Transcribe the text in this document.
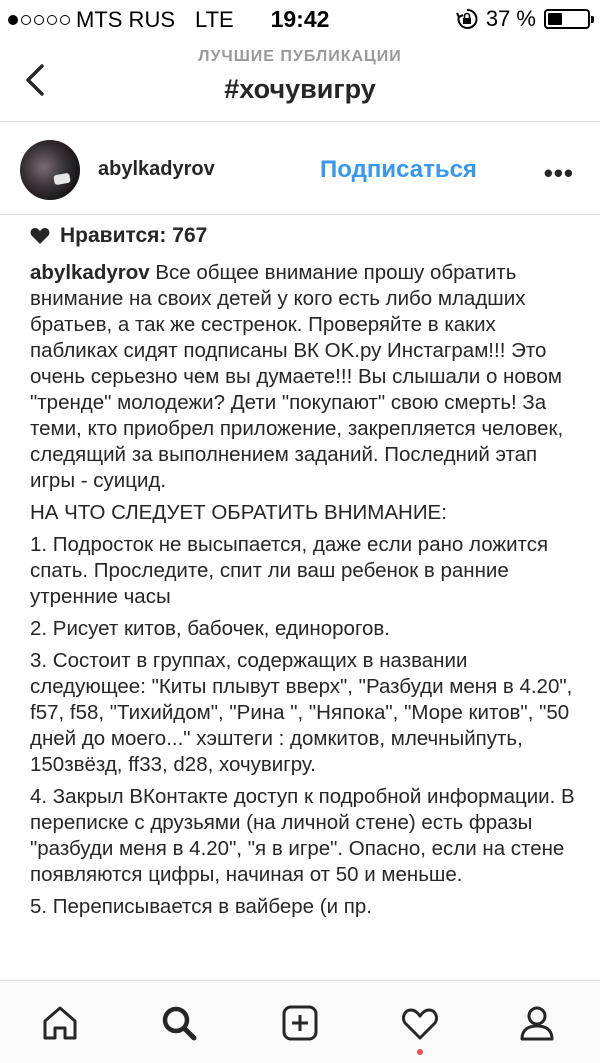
MTS RUS LTE	19:42	37 %
ЛУЧШИЕ ПУБЛИКАЦИИ
#хочувигру
abylkadyrov	Подписаться	•••
Нравится: 767
abylkadyrov Все общее внимание прошу обратить внимание на своих детей у кого есть либо младших братьев, а так же сестренок. Проверяйте в каких пабликах сидят подписаны ВК OK.ру Инстаграм!!! Это очень серьезно чем вы думаете!!! Вы слышали о новом "тренде" молодежи? Дети "покупают" свою смерть! За теми, кто приобрел приложение, закрепляется человек, следящий за выполнением заданий. Последний этап игры - суицид.
НА ЧТО СЛЕДУЕТ ОБРАТИТЬ ВНИМАНИЕ:
1. Подросток не высыпается, даже если рано ложится спать. Проследите, спит ли ваш ребенок в ранние утренние часы
2. Рисует китов, бабочек, единорогов.
3. Состоит в группах, содержащих в названии следующее: "Киты плывут вверх", "Разбуди меня в 4.20", f57, f58, "Тихийдом", "Рина ", "Няпока", "Море китов", "50 дней до моего..." хэштеги : домкитов, млечныйпуть, 150звёзд, ff33, d28, хочувигру.
4. Закрыл ВКонтакте доступ к подробной информации. В переписке с друзьями (на личной стене) есть фразы "разбуди меня в 4.20", "я в игре". Опасно, если на стене появляются цифры, начиная от 50 и меньше.
5. Переписывается в вайбере (и пр.
